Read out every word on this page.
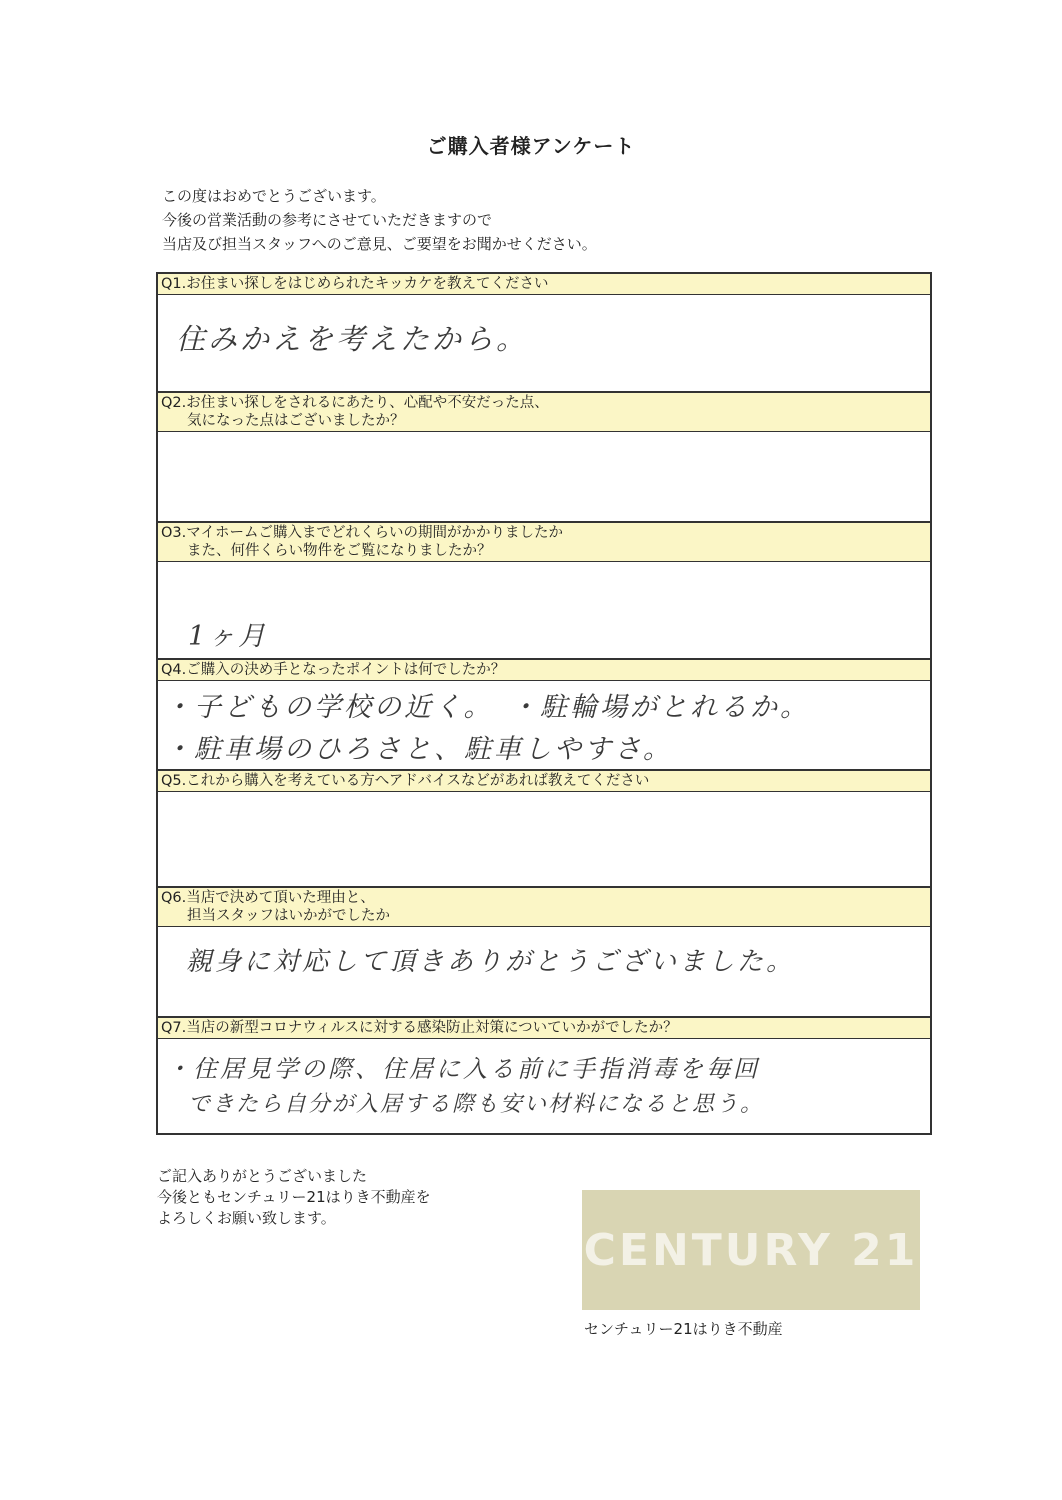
ご購入者様アンケート
この度はおめでとうございます。
今後の営業活動の参考にさせていただきますので
当店及び担当スタッフへのご意見、ご要望をお聞かせください。
Q1.お住まい探しをはじめられたキッカケを教えてください
住みかえを考えたから。
Q2.お住まい探しをされるにあたり、心配や不安だった点、
気になった点はございましたか？
O3.マイホームご購入までどれくらいの期間がかかりましたか
また、何件くらい物件をご覧になりましたか？
1ヶ月
Q4.ご購入の決め手となったポイントは何でしたか？
・子どもの学校の近く。　・駐輪場がとれるか。
・駐車場のひろさと、駐車しやすさ。
Q5.これから購入を考えている方へアドバイスなどがあれば教えてください
Q6.当店で決めて頂いた理由と、
担当スタッフはいかがでしたか
親身に対応して頂きありがとうございました。
Q7.当店の新型コロナウィルスに対する感染防止対策についていかがでしたか？
・住居見学の際、住居に入る前に手指消毒を毎回
できたら自分が入居する際も安い材料になると思う。
ご記入ありがとうございました
今後ともセンチュリー21はりき不動産を
よろしくお願い致します。
CENTURY 21
センチュリー21はりき不動産
